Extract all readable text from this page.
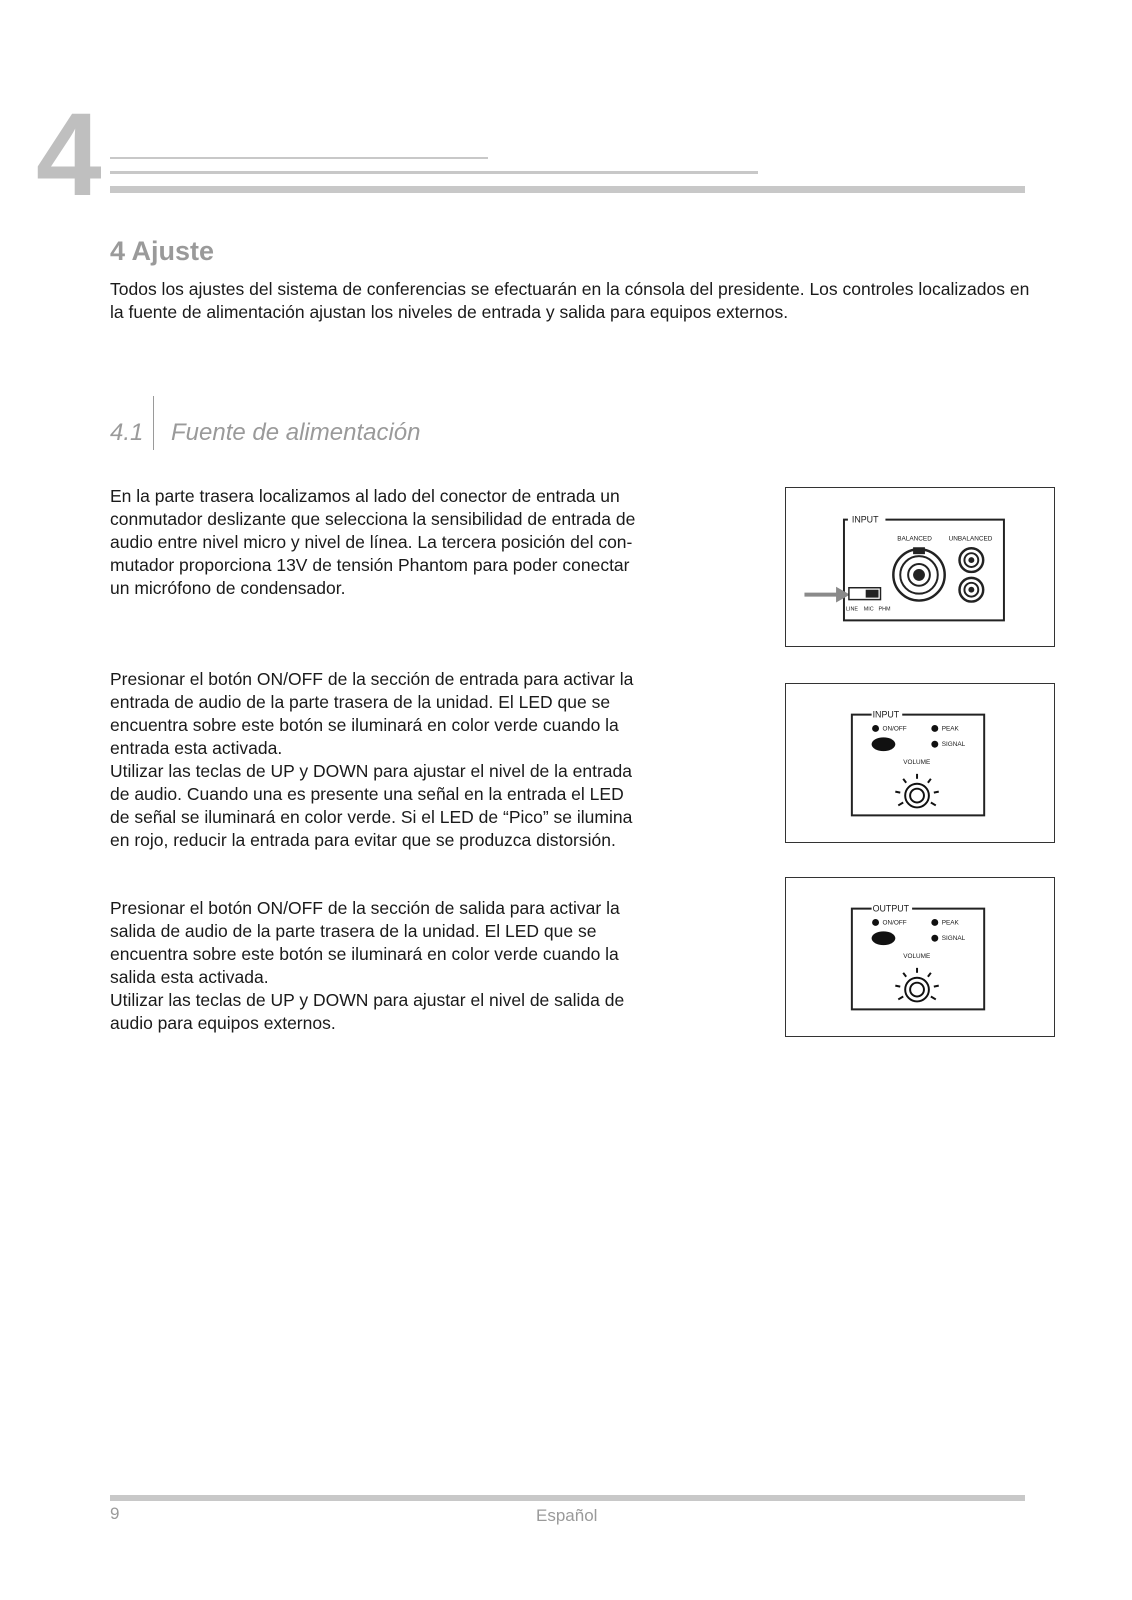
4
4 Ajuste

Todos los ajustes del sistema de conferencias se efectuarán en la cónsola del presidente. Los controles localizados en la fuente de alimentación ajustan los niveles de entrada y salida para equipos externos.

4.1 Fuente de alimentación

En la parte trasera localizamos al lado del conector de entrada un
conmutador deslizante que selecciona la sensibilidad de entrada de
audio entre nivel micro y nivel de línea. La tercera posición del con-
mutador proporciona 13V de tensión Phantom para poder conectar
un micrófono de condensador.

Presionar el botón ON/OFF de la sección de entrada para activar la
entrada de audio de la parte trasera de la unidad. El LED que se
encuentra sobre este botón se iluminará en color verde cuando la
entrada esta activada.
Utilizar las teclas de UP y DOWN para ajustar el nivel de la entrada
de audio. Cuando una es presente una señal en la entrada el LED
de señal se iluminará en color verde. Si el LED de “Pico” se ilumina
en rojo, reducir la entrada para evitar que se produzca distorsión.

Presionar el botón ON/OFF de la sección de salida para activar la
salida de audio de la parte trasera de la unidad. El LED que se
encuentra sobre este botón se iluminará en color verde cuando la
salida esta activada.
Utilizar las teclas de UP y DOWN para ajustar el nivel de salida de
audio para equipos externos.

INPUT
BALANCED	UNBALANCED
LINE MIC PHM
INPUT
ON/OFF	PEAK
SIGNAL
VOLUME
OUTPUT
ON/OFF	PEAK
SIGNAL
VOLUME
9	Español
